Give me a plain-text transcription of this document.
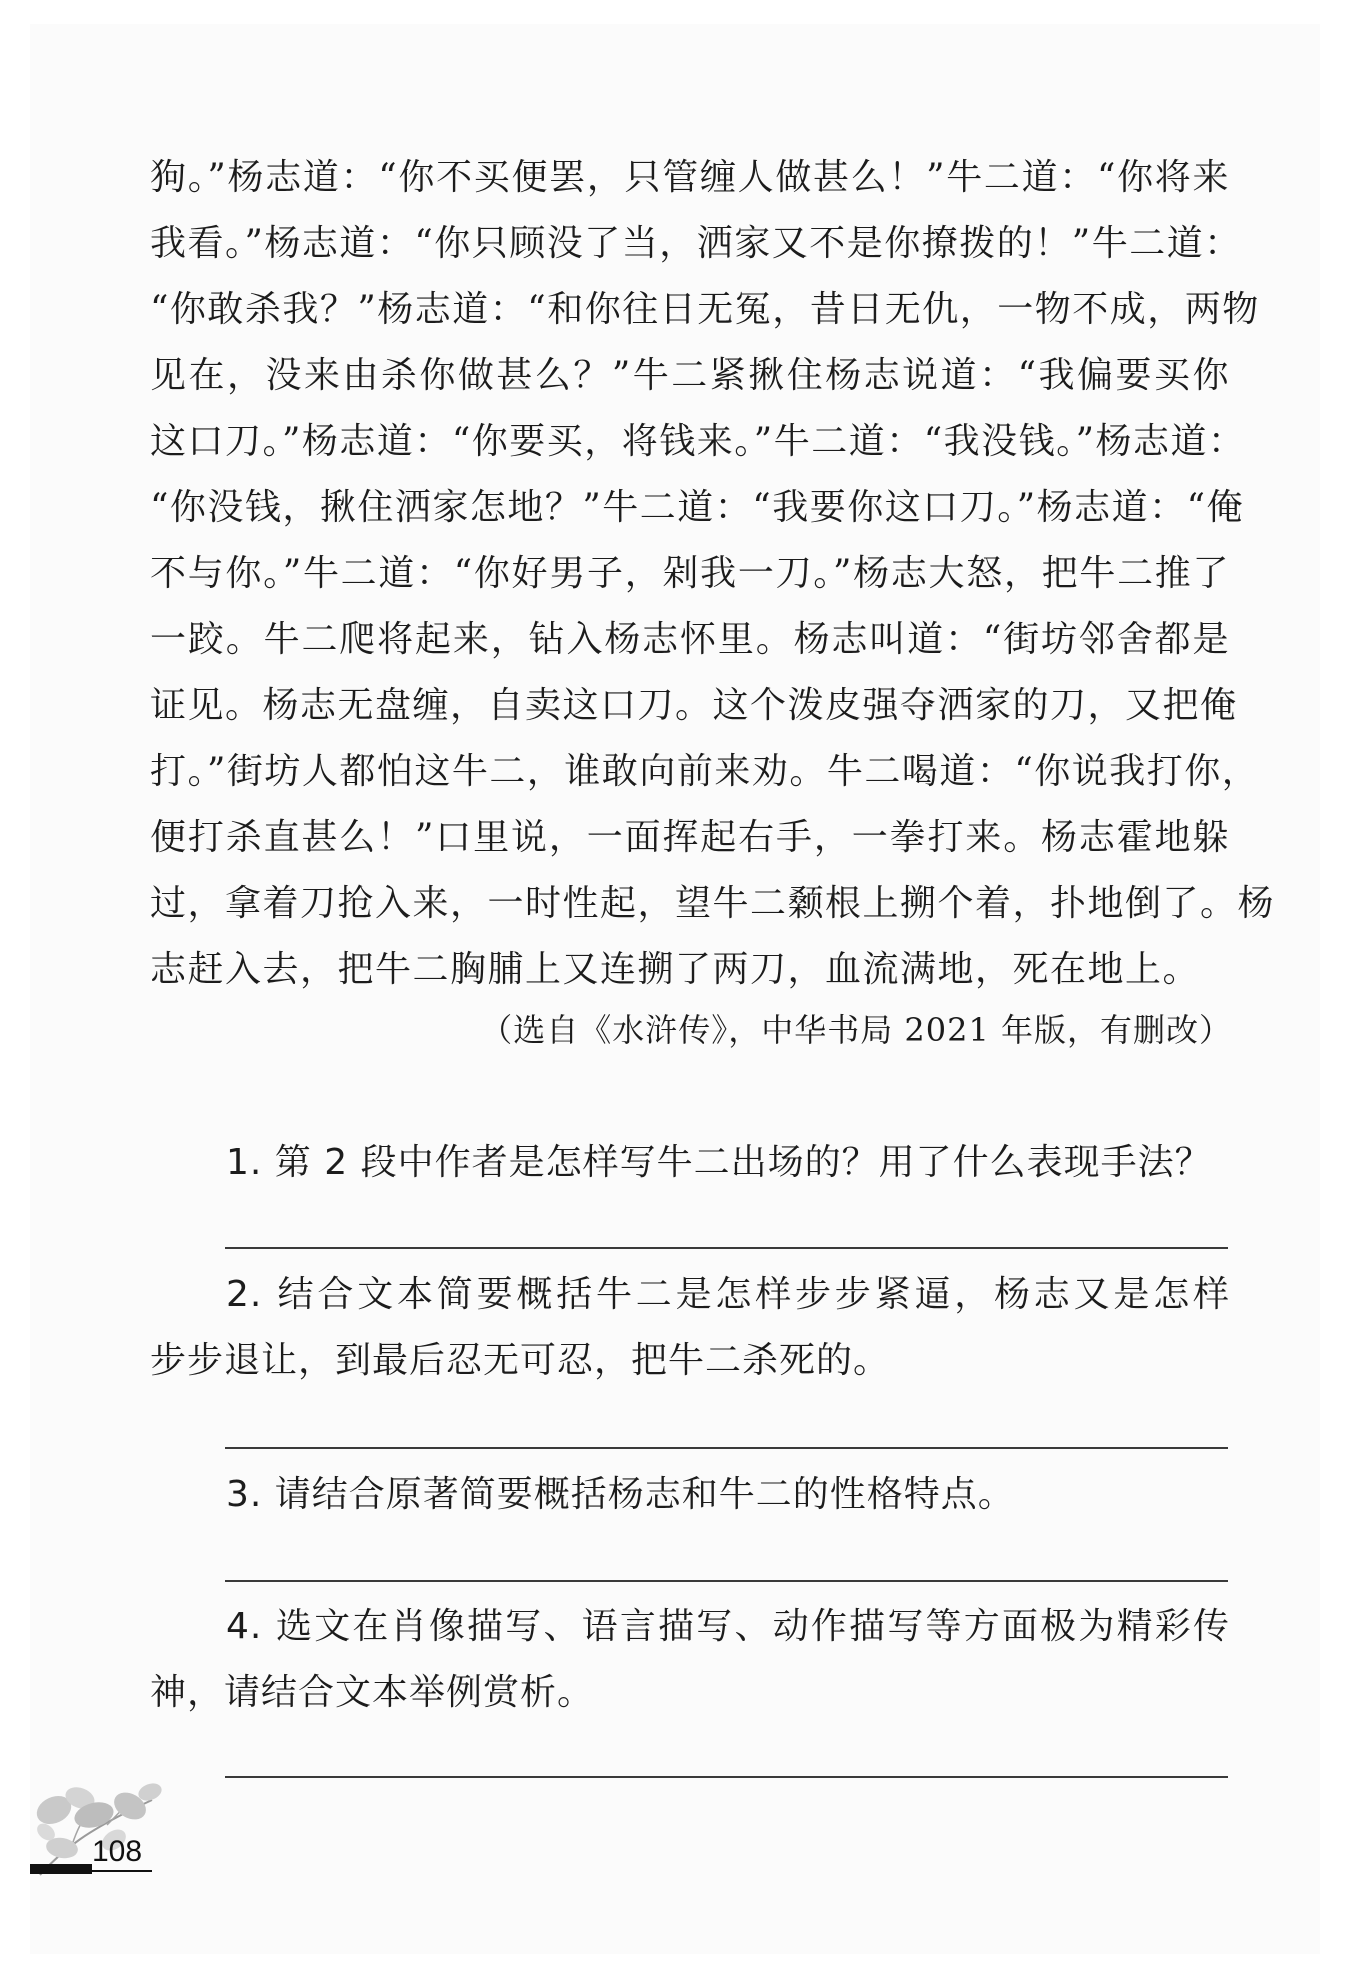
狗。”杨志道：“你不买便罢，只管缠人做甚么！”牛二道：“你将来
我看。”杨志道：“你只顾没了当，洒家又不是你撩拨的！”牛二道：
“你敢杀我？”杨志道：“和你往日无冤，昔日无仇，一物不成，两物
见在，没来由杀你做甚么？”牛二紧揪住杨志说道：“我偏要买你
这口刀。”杨志道：“你要买，将钱来。”牛二道：“我没钱。”杨志道：
“你没钱，揪住洒家怎地？”牛二道：“我要你这口刀。”杨志道：“俺
不与你。”牛二道：“你好男子，剁我一刀。”杨志大怒，把牛二推了
一跤。牛二爬将起来，钻入杨志怀里。杨志叫道：“街坊邻舍都是
证见。杨志无盘缠，自卖这口刀。这个泼皮强夺洒家的刀，又把俺
打。”街坊人都怕这牛二，谁敢向前来劝。牛二喝道：“你说我打你，
便打杀直甚么！”口里说，一面挥起右手，一拳打来。杨志霍地躲
过，拿着刀抢入来，一时性起，望牛二颡根上搠个着，扑地倒了。杨
志赶入去，把牛二胸脯上又连搠了两刀，血流满地，死在地上。
（选自《水浒传》，中华书局 2021 年版，有删改）
1. 第 2 段中作者是怎样写牛二出场的？用了什么表现手法？
2. 结合文本简要概括牛二是怎样步步紧逼，杨志又是怎样
步步退让，到最后忍无可忍，把牛二杀死的。
3. 请结合原著简要概括杨志和牛二的性格特点。
4. 选文在肖像描写、语言描写、动作描写等方面极为精彩传
神，请结合文本举例赏析。
108
